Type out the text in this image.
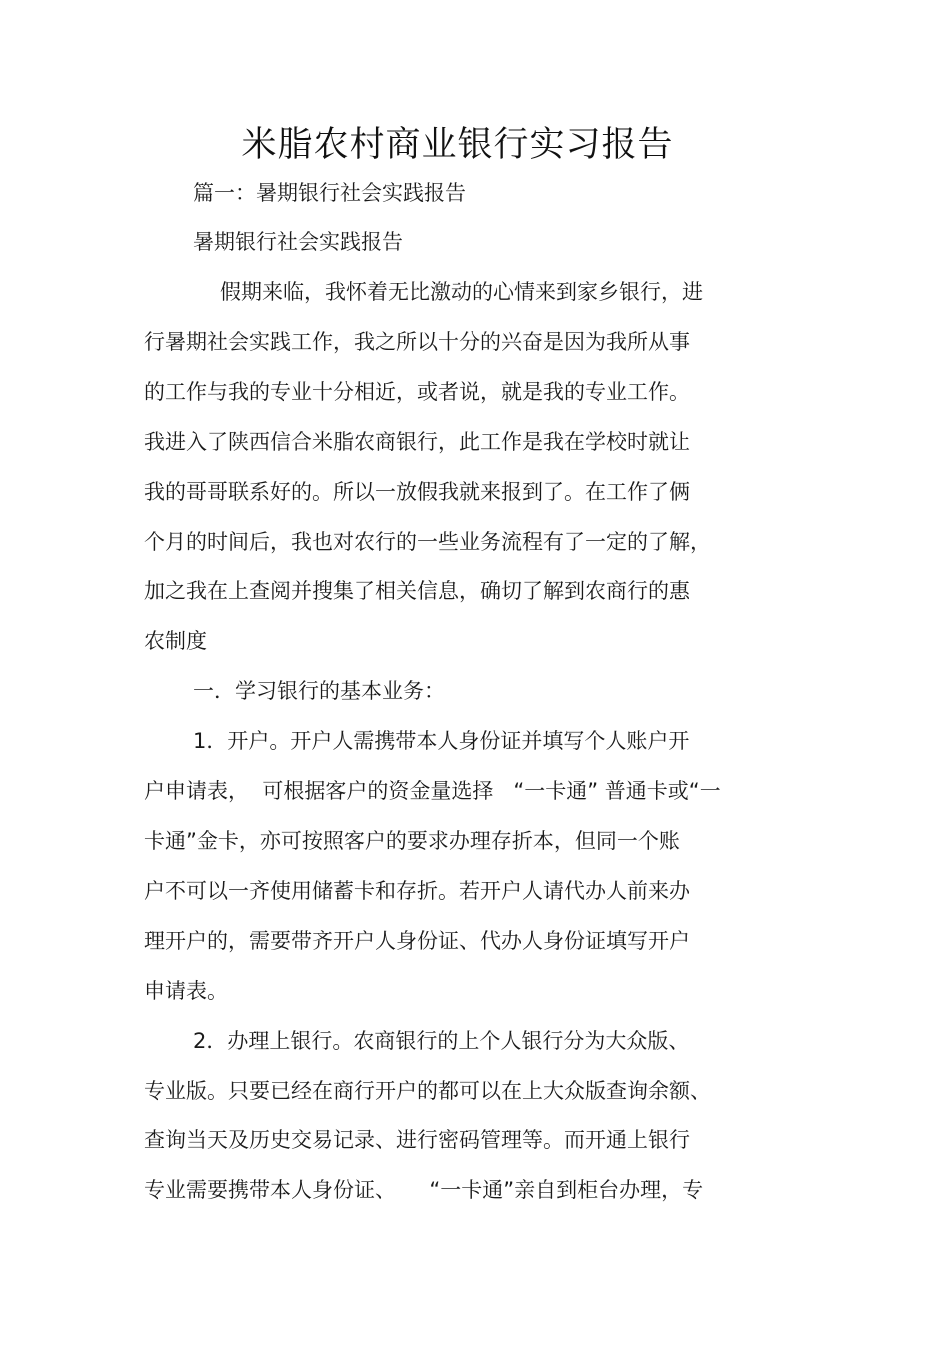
米脂农村商业银行实习报告
篇一：暑期银行社会实践报告
暑期银行社会实践报告
假期来临，我怀着无比激动的心情来到家乡银行，进
行暑期社会实践工作，我之所以十分的兴奋是因为我所从事
的工作与我的专业十分相近，或者说，就是我的专业工作。
我进入了陕西信合米脂农商银行，此工作是我在学校时就让
我的哥哥联系好的。所以一放假我就来报到了。在工作了俩
个月的时间后，我也对农行的一些业务流程有了一定的了解，
加之我在上查阅并搜集了相关信息，确切了解到农商行的惠
农制度
一．学习银行的基本业务：
1．开户。开户人需携带本人身份证并填写个人账户开
户申请表，  可根据客户的资金量选择   “一卡通” 普通卡或“一
卡通”金卡，亦可按照客户的要求办理存折本，但同一个账
户不可以一齐使用储蓄卡和存折。若开户人请代办人前来办
理开户的，需要带齐开户人身份证、代办人身份证填写开户
申请表。
2．办理上银行。农商银行的上个人银行分为大众版、
专业版。只要已经在商行开户的都可以在上大众版查询余额、
查询当天及历史交易记录、进行密码管理等。而开通上银行
专业需要携带本人身份证、     “一卡通”亲自到柜台办理，专
